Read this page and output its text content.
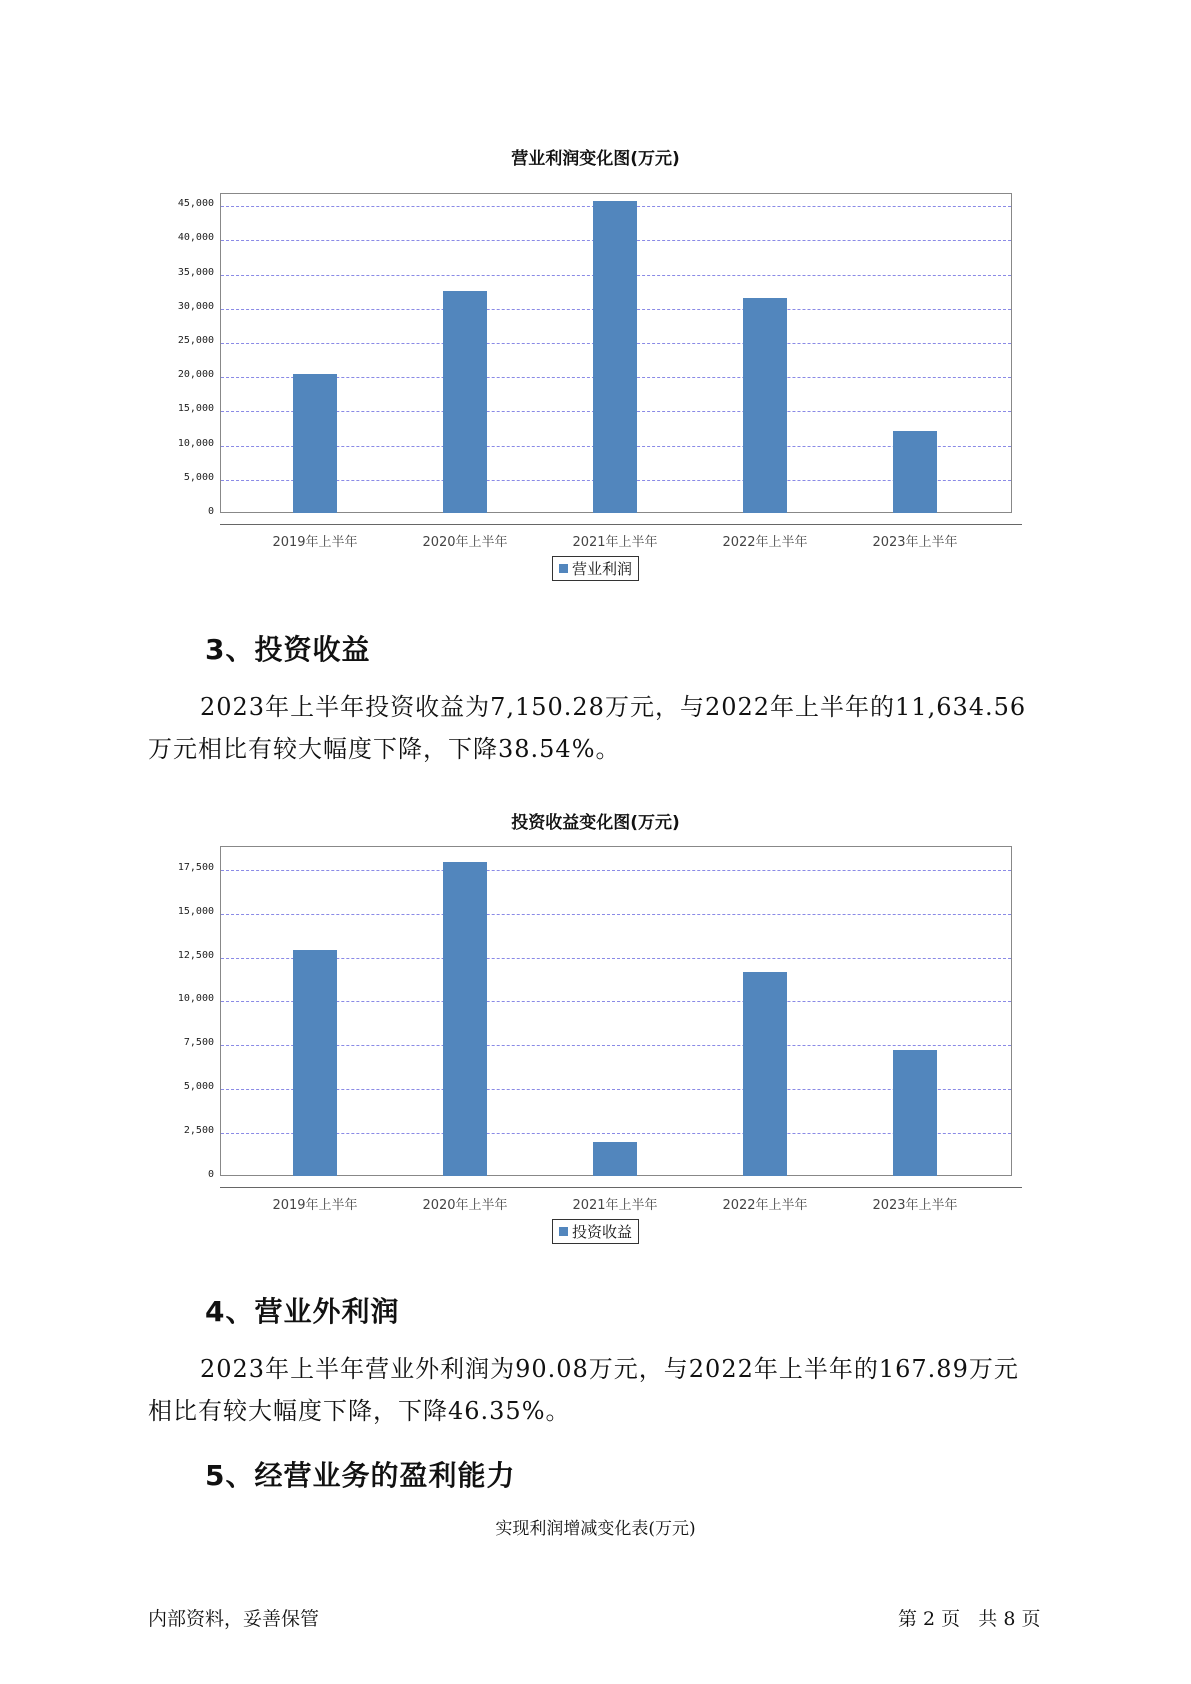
营业利润变化图(万元)
0
5,000
10,000
15,000
20,000
25,000
30,000
35,000
40,000
45,000
2019年上半年	2020年上半年	2021年上半年	2022年上半年	2023年上半年
营业利润
3、投资收益
2023年上半年投资收益为7,150.28万元，与2022年上半年的11,634.56
万元相比有较大幅度下降，下降38.54%。
投资收益变化图(万元)
0
2,500
5,000
7,500
10,000
12,500
15,000
17,500
2019年上半年	2020年上半年	2021年上半年	2022年上半年	2023年上半年
投资收益
4、营业外利润
2023年上半年营业外利润为90.08万元，与2022年上半年的167.89万元
相比有较大幅度下降，下降46.35%。
5、经营业务的盈利能力
实现利润增减变化表(万元)
内部资料，妥善保管	第 2 页   共 8 页
